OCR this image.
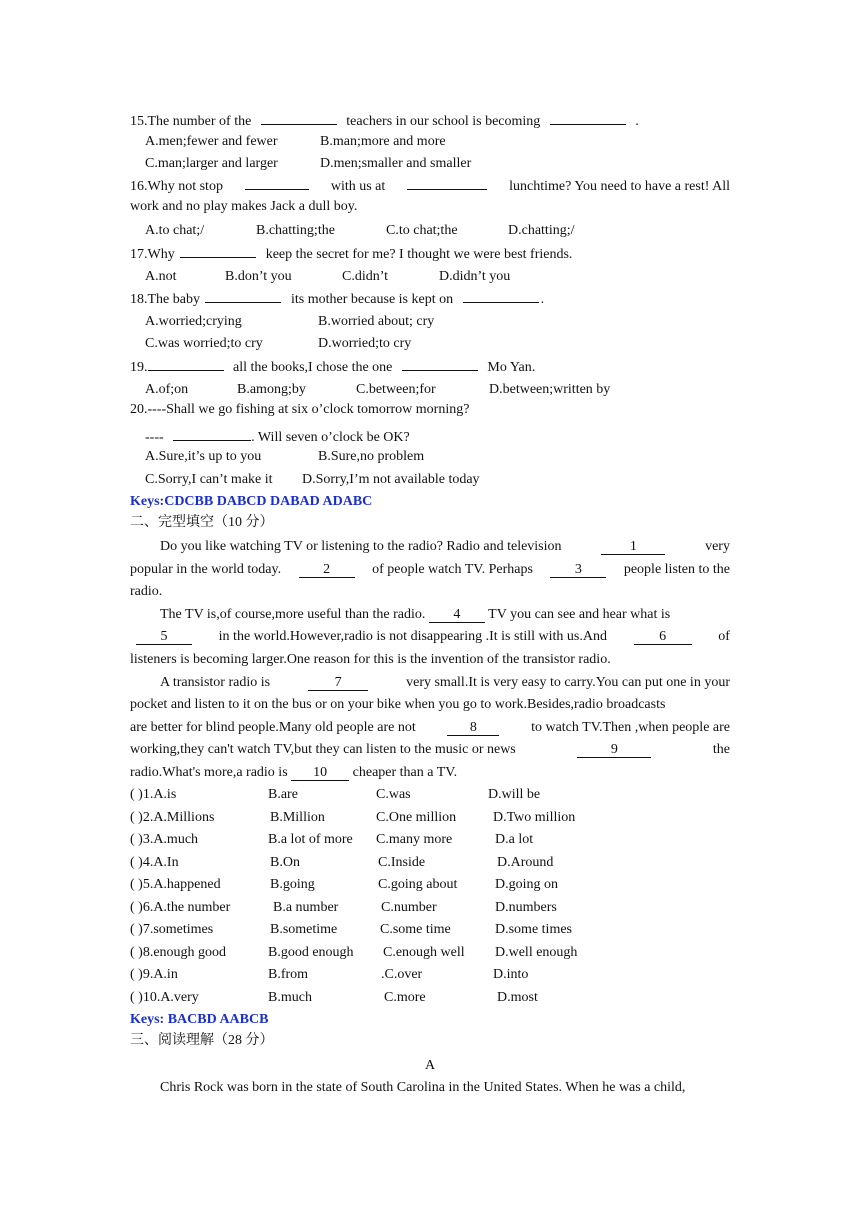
15.The number of the	teachers in our school is becoming	.
A.men;fewer and fewer	B.man;more and more
C.man;larger and larger	D.men;smaller and smaller
16.Why not stop	with us at	lunchtime? You need to have a rest! All
work and no play makes Jack a dull boy.
A.to chat;/	B.chatting;the	C.to chat;the	D.chatting;/
17.Why	keep the secret for me? I thought we were best friends.
A.not	B.don’t you	C.didn’t	D.didn’t you
18.The baby	its mother because is kept on	.
A.worried;crying	B.worried about; cry
C.was worried;to cry	D.worried;to cry
19.	all the books,I chose the one	Mo Yan.
A.of;on	B.among;by	C.between;for	D.between;written by
20.----Shall we go fishing at six o’clock tomorrow morning?
----	. Will seven o’clock be OK?
A.Sure,it’s up to you	B.Sure,no problem
C.Sorry,I can’t make it D.Sorry,I’m not available today
Keys:CDCBB DABCD DABAD ADABC
二、完型填空（10 分）
Do you like watching TV or listening to the radio? Radio and television	1	very
popular in the world today.	2	of people watch TV. Perhaps	3	people listen to the
radio.
The TV is,of course,more useful than the radio. 4 TV you can see and hear what is
5	in the world.However,radio is not disappearing .It is still with us.And	6	of
listeners is becoming larger.One reason for this is the invention of the transistor radio.
A transistor radio is	7	very small.It is very easy to carry.You can put one in your
pocket and listen to it on the bus or on your bike when you go to work.Besides,radio broadcasts
are better for blind people.Many old people are not	8	to watch TV.Then ,when people are
working,they can't watch TV,but they can listen to the music or news	9	the
radio.What's more,a radio is 10 cheaper than a TV.
( )1.A.is	B.are	C.was	D.will be
( )2.A.Millions	B.Million	C.One million	D.Two million
( )3.A.much	B.a lot of more C.many more	D.a lot
( )4.A.In	B.On	C.Inside	D.Around
( )5.A.happened	B.going	C.going about	D.going on
( )6.A.the number	B.a number	C.number	D.numbers
( )7.sometimes	B.sometime	C.some time	D.some times
( )8.enough good	B.good enough C.enough well D.well enough
( )9.A.in	B.from	.C.over	D.into
( )10.A.very	B.much	C.more	D.most
Keys: BACBD AABCB
三、阅读理解（28 分）
A
Chris Rock was born in the state of South Carolina in the United States. When he was a child,
